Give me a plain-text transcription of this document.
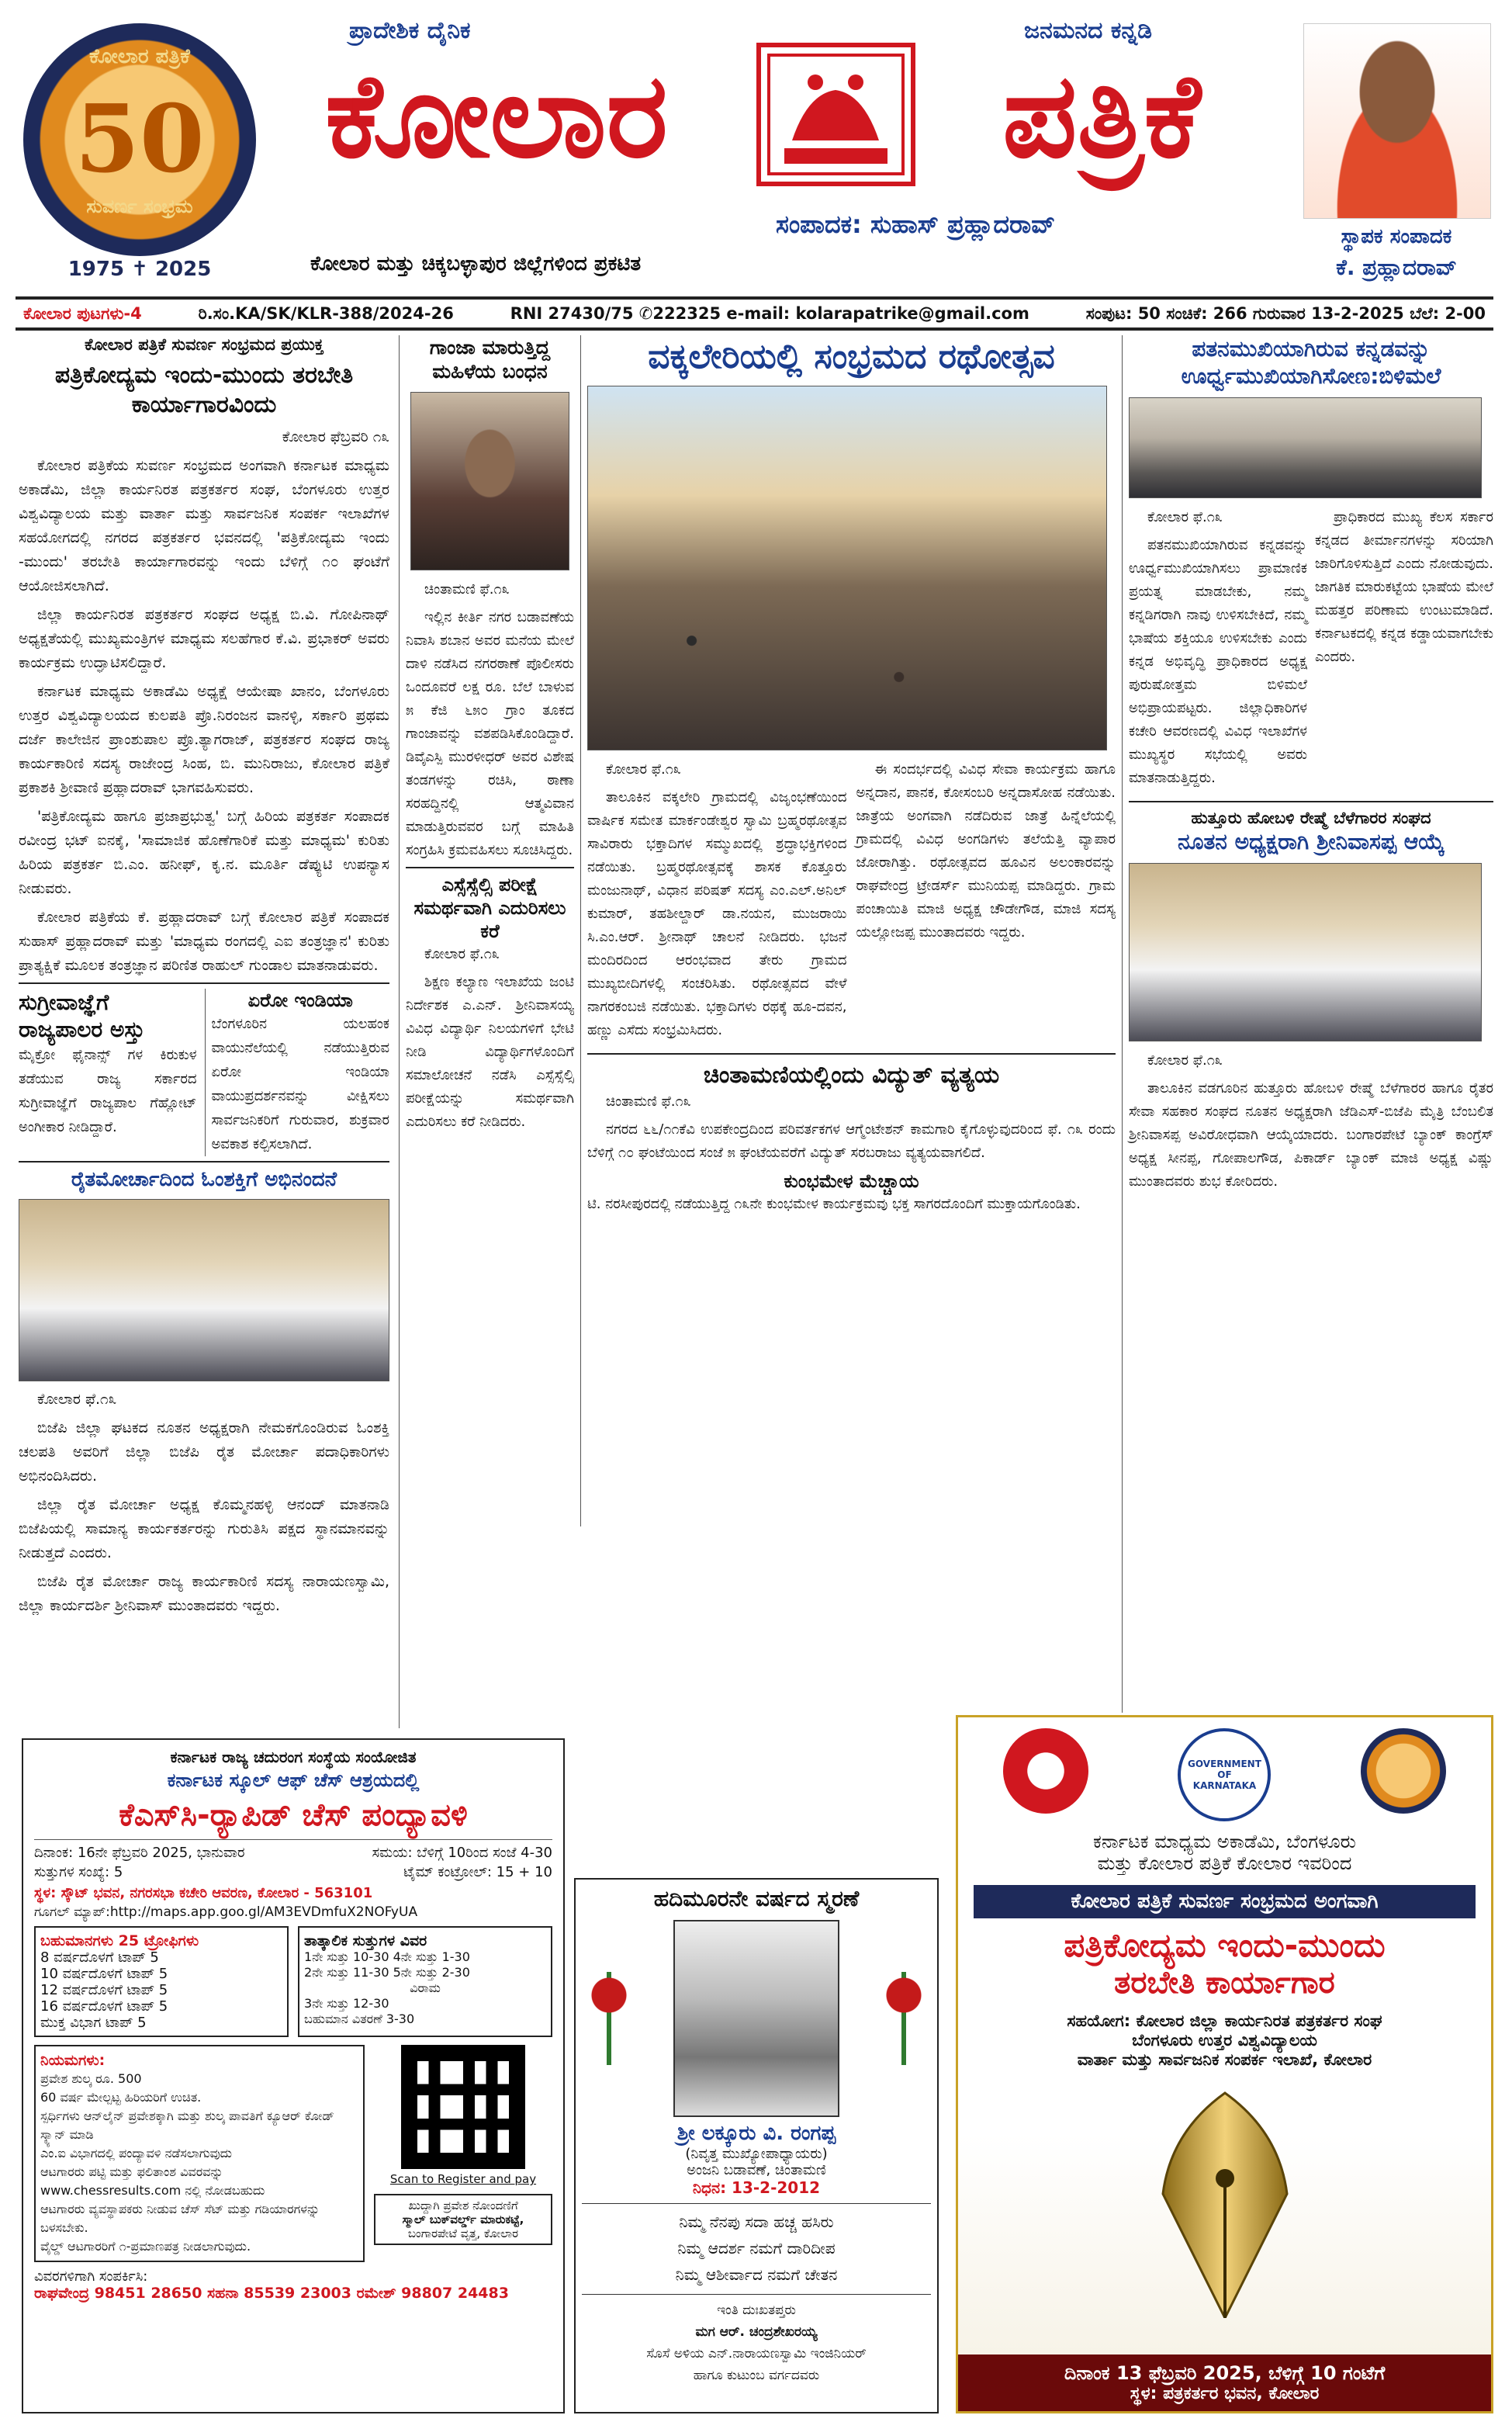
ಕೋಲಾರ ಪತ್ರಿಕೆ
50
ಸುವರ್ಣ ಸಂಭ್ರಮ
1975 ✝ 2025
ಪ್ರಾದೇಶಿಕ ದೈನಿಕ	ಜನಮನದ ಕನ್ನಡಿ
ಕೋಲಾರ	ಪತ್ರಿಕೆ
ಸಂಪಾದಕ: ಸುಹಾಸ್ ಪ್ರಹ್ಲಾದರಾವ್
ಕೋಲಾರ ಮತ್ತು ಚಿಕ್ಕಬಳ್ಳಾಪುರ ಜಿಲ್ಲೆಗಳಿಂದ ಪ್ರಕಟಿತ
ಸ್ಥಾಪಕ ಸಂಪಾದಕ
ಕೆ. ಪ್ರಹ್ಲಾದರಾವ್
ಕೋಲಾರ ಪುಟಗಳು-4	ರಿ.ಸಂ.KA/SK/KLR-388/2024-26	RNI 27430/75 ✆222325 e-mail: kolarapatrike@gmail.com	ಸಂಪುಟ: 50 ಸಂಚಿಕೆ: 266 ಗುರುವಾರ 13-2-2025 ಬೆಲೆ: 2-00
ಕೋಲಾರ ಪತ್ರಿಕೆ ಸುವರ್ಣ ಸಂಭ್ರಮದ ಪ್ರಯುಕ್ತ
ಪತ್ರಿಕೋದ್ಯಮ ಇಂದು-ಮುಂದು ತರಬೇತಿ ಕಾರ್ಯಾಗಾರವಿಂದು

ಕೋಲಾರ ಫೆಬ್ರವರಿ ೧೩

ಕೋಲಾರ ಪತ್ರಿಕೆಯ ಸುವರ್ಣ ಸಂಭ್ರಮದ ಅಂಗವಾಗಿ ಕರ್ನಾಟಕ ಮಾಧ್ಯಮ ಅಕಾಡೆಮಿ, ಜಿಲ್ಲಾ ಕಾರ್ಯನಿರತ ಪತ್ರಕರ್ತರ ಸಂಘ, ಬೆಂಗಳೂರು ಉತ್ತರ ವಿಶ್ವವಿದ್ಯಾಲಯ ಮತ್ತು ವಾರ್ತಾ ಮತ್ತು ಸಾರ್ವಜನಿಕ ಸಂಪರ್ಕ ಇಲಾಖೆಗಳ ಸಹಯೋಗದಲ್ಲಿ ನಗರದ ಪತ್ರಕರ್ತರ ಭವನದಲ್ಲಿ 'ಪತ್ರಿಕೋದ್ಯಮ ಇಂದು -ಮುಂದು' ತರಬೇತಿ ಕಾರ್ಯಾಗಾರವನ್ನು ಇಂದು ಬೆಳಿಗ್ಗೆ ೧೦ ಘಂಟೆಗೆ ಆಯೋಜಿಸಲಾಗಿದೆ.

ಜಿಲ್ಲಾ ಕಾರ್ಯನಿರತ ಪತ್ರಕರ್ತರ ಸಂಘದ ಅಧ್ಯಕ್ಷ ಬಿ.ವಿ. ಗೋಪಿನಾಥ್ ಅಧ್ಯಕ್ಷತೆಯಲ್ಲಿ ಮುಖ್ಯಮಂತ್ರಿಗಳ ಮಾಧ್ಯಮ ಸಲಹೆಗಾರ ಕೆ.ವಿ. ಪ್ರಭಾಕರ್ ಅವರು ಕಾರ್ಯಕ್ರಮ ಉದ್ಘಾಟಿಸಲಿದ್ದಾರೆ.

ಕರ್ನಾಟಕ ಮಾಧ್ಯಮ ಅಕಾಡೆಮಿ ಅಧ್ಯಕ್ಷೆ ಆಯೇಷಾ ಖಾನಂ, ಬೆಂಗಳೂರು ಉತ್ತರ ವಿಶ್ವವಿದ್ಯಾಲಯದ ಕುಲಪತಿ ಪ್ರೊ.ನಿರಂಜನ ವಾನಳ್ಳಿ, ಸರ್ಕಾರಿ ಪ್ರಥಮ ದರ್ಜೆ ಕಾಲೇಜಿನ ಪ್ರಾಂಶುಪಾಲ ಪ್ರೊ.ತ್ಯಾಗರಾಜ್, ಪತ್ರಕರ್ತರ ಸಂಘದ ರಾಜ್ಯ ಕಾರ್ಯಕಾರಿಣಿ ಸದಸ್ಯ ರಾಜೇಂದ್ರ ಸಿಂಹ, ಬಿ. ಮುನಿರಾಜು, ಕೋಲಾರ ಪತ್ರಿಕೆ ಪ್ರಕಾಶಕಿ ಶ್ರೀವಾಣಿ ಪ್ರಹ್ಲಾದರಾವ್ ಭಾಗವಹಿಸುವರು.

'ಪತ್ರಿಕೋದ್ಯಮ ಹಾಗೂ ಪ್ರಜಾಪ್ರಭುತ್ವ' ಬಗ್ಗೆ ಹಿರಿಯ ಪತ್ರಕರ್ತ ಸಂಪಾದಕ ರವೀಂದ್ರ ಭಟ್ ಐನಕೈ, 'ಸಾಮಾಜಿಕ ಹೊಣೆಗಾರಿಕೆ ಮತ್ತು ಮಾಧ್ಯಮ' ಕುರಿತು ಹಿರಿಯ ಪತ್ರಕರ್ತ ಬಿ.ಎಂ. ಹನೀಫ್, ಕೃ.ನ. ಮೂರ್ತಿ ಡೆಪ್ಯುಟಿ ಉಪನ್ಯಾಸ ನೀಡುವರು.

ಕೋಲಾರ ಪತ್ರಿಕೆಯ ಕೆ. ಪ್ರಹ್ಲಾದರಾವ್ ಬಗ್ಗೆ ಕೋಲಾರ ಪತ್ರಿಕೆ ಸಂಪಾದಕ ಸುಹಾಸ್ ಪ್ರಹ್ಲಾದರಾವ್ ಮತ್ತು 'ಮಾಧ್ಯಮ ರಂಗದಲ್ಲಿ ಎಐ ತಂತ್ರಜ್ಞಾನ' ಕುರಿತು ಪ್ರಾತ್ಯಕ್ಷಿಕೆ ಮೂಲಕ ತಂತ್ರಜ್ಞಾನ ಪರಿಣಿತ ರಾಹುಲ್ ಗುಂಡಾಲ ಮಾತನಾಡುವರು.

ಸುಗ್ರೀವಾಜ್ಞೆಗೆ ರಾಜ್ಯಪಾಲರ ಅಸ್ತು
ಮೈಕ್ರೋ ಫೈನಾನ್ಸ್ ಗಳ ಕಿರುಕುಳ ತಡೆಯುವ ರಾಜ್ಯ ಸರ್ಕಾರದ ಸುಗ್ರೀವಾಜ್ಞೆಗೆ ರಾಜ್ಯಪಾಲ ಗೆಹ್ಲೋಟ್ ಅಂಗೀಕಾರ ನೀಡಿದ್ದಾರೆ.
ಏರೋ ಇಂಡಿಯಾ
ಬೆಂಗಳೂರಿನ ಯಲಹಂಕ ವಾಯುನೆಲೆಯಲ್ಲಿ ನಡೆಯುತ್ತಿರುವ ಏರೋ ಇಂಡಿಯಾ ವಾಯುಪ್ರದರ್ಶನವನ್ನು ವೀಕ್ಷಿಸಲು ಸಾರ್ವಜನಿಕರಿಗೆ ಗುರುವಾರ, ಶುಕ್ರವಾರ ಅವಕಾಶ ಕಲ್ಪಿಸಲಾಗಿದೆ.
ರೈತಮೋರ್ಚಾದಿಂದ ಓಂಶಕ್ತಿಗೆ ಅಭಿನಂದನೆ

ಕೋಲಾರ ಫೆ.೧೩

ಬಿಜೆಪಿ ಜಿಲ್ಲಾ ಘಟಕದ ನೂತನ ಅಧ್ಯಕ್ಷರಾಗಿ ನೇಮಕಗೊಂಡಿರುವ ಓಂಶಕ್ತಿ ಚಲಪತಿ ಅವರಿಗೆ ಜಿಲ್ಲಾ ಬಿಜೆಪಿ ರೈತ ಮೋರ್ಚಾ ಪದಾಧಿಕಾರಿಗಳು ಅಭಿನಂದಿಸಿದರು.

ಜಿಲ್ಲಾ ರೈತ ಮೋರ್ಚಾ ಅಧ್ಯಕ್ಷ ಕೊಮ್ಮನಹಳ್ಳಿ ಆನಂದ್ ಮಾತನಾಡಿ ಬಿಜೆಪಿಯಲ್ಲಿ ಸಾಮಾನ್ಯ ಕಾರ್ಯಕರ್ತರನ್ನು ಗುರುತಿಸಿ ಪಕ್ಷದ ಸ್ಥಾನಮಾನವನ್ನು ನೀಡುತ್ತದೆ ಎಂದರು.

ಬಿಜೆಪಿ ರೈತ ಮೋರ್ಚಾ ರಾಜ್ಯ ಕಾರ್ಯಕಾರಿಣಿ ಸದಸ್ಯ ನಾರಾಯಣಸ್ವಾಮಿ, ಜಿಲ್ಲಾ ಕಾರ್ಯದರ್ಶಿ ಶ್ರೀನಿವಾಸ್ ಮುಂತಾದವರು ಇದ್ದರು.

ಗಾಂಜಾ ಮಾರುತ್ತಿದ್ದ ಮಹಿಳೆಯ ಬಂಧನ

ಚಿಂತಾಮಣಿ ಫೆ.೧೩

ಇಲ್ಲಿನ ಕೀರ್ತಿ ನಗರ ಬಡಾವಣೆಯ ನಿವಾಸಿ ಶಬಾನ ಅವರ ಮನೆಯ ಮೇಲೆ ದಾಳಿ ನಡೆಸಿದ ನಗರಠಾಣೆ ಪೊಲೀಸರು ಒಂದೂವರೆ ಲಕ್ಷ ರೂ. ಬೆಲೆ ಬಾಳುವ ೫ ಕೆಜಿ ೬೫೦ ಗ್ರಾಂ ತೂಕದ ಗಾಂಜಾವನ್ನು ವಶಪಡಿಸಿಕೊಂಡಿದ್ದಾರೆ. ಡಿವೈಎಸ್ಪಿ ಮುರಳೀಧರ್ ಅವರ ವಿಶೇಷ ತಂಡಗಳನ್ನು ರಚಿಸಿ, ಠಾಣಾ ಸರಹದ್ದಿನಲ್ಲಿ ಆತ್ಮವಿವಾನ ಮಾಡುತ್ತಿರುವವರ ಬಗ್ಗೆ ಮಾಹಿತಿ ಸಂಗ್ರಹಿಸಿ ಕ್ರಮವಹಿಸಲು ಸೂಚಿಸಿದ್ದರು.

ಎಸ್ಸೆಸ್ಸೆಲ್ಸಿ ಪರೀಕ್ಷೆ ಸಮರ್ಥವಾಗಿ ಎದುರಿಸಲು ಕರೆ

ಕೋಲಾರ ಫೆ.೧೩

ಶಿಕ್ಷಣ ಕಲ್ಯಾಣ ಇಲಾಖೆಯ ಜಂಟಿ ನಿರ್ದೇಶಕ ಎ.ಎನ್. ಶ್ರೀನಿವಾಸಯ್ಯ ವಿವಿಧ ವಿದ್ಯಾರ್ಥಿ ನಿಲಯಗಳಿಗೆ ಭೇಟಿ ನೀಡಿ ವಿದ್ಯಾರ್ಥಿಗಳೊಂದಿಗೆ ಸಮಾಲೋಚನೆ ನಡೆಸಿ ಎಸ್ಸೆಸ್ಸೆಲ್ಸಿ ಪರೀಕ್ಷೆಯನ್ನು ಸಮರ್ಥವಾಗಿ ಎದುರಿಸಲು ಕರೆ ನೀಡಿದರು.

ವಕ್ಕಲೇರಿಯಲ್ಲಿ ಸಂಭ್ರಮದ ರಥೋತ್ಸವ

ಕೋಲಾರ ಫೆ.೧೩

ತಾಲೂಕಿನ ವಕ್ಕಲೇರಿ ಗ್ರಾಮದಲ್ಲಿ ವಿಜೃಂಭಣೆಯಿಂದ ವಾರ್ಷಿಕ ಸಮೇತ ಮಾರ್ಕಂಡೇಶ್ವರ ಸ್ವಾಮಿ ಬ್ರಹ್ಮರಥೋತ್ಸವ ಸಾವಿರಾರು ಭಕ್ತಾದಿಗಳ ಸಮ್ಮುಖದಲ್ಲಿ ಶ್ರದ್ಧಾಭಕ್ತಿಗಳಿಂದ ನಡೆಯಿತು. ಬ್ರಹ್ಮರಥೋತ್ಸವಕ್ಕೆ ಶಾಸಕ ಕೊತ್ತೂರು ಮಂಜುನಾಥ್, ವಿಧಾನ ಪರಿಷತ್ ಸದಸ್ಯ ಎಂ.ಎಲ್.ಅನಿಲ್ ಕುಮಾರ್, ತಹಶೀಲ್ದಾರ್ ಡಾ.ನಯನ, ಮುಜರಾಯಿ ಸಿ.ಎಂ.ಆರ್. ಶ್ರೀನಾಥ್ ಚಾಲನೆ ನೀಡಿದರು. ಭಜನೆ ಮಂದಿರದಿಂದ ಆರಂಭವಾದ ತೇರು ಗ್ರಾಮದ ಮುಖ್ಯಬೀದಿಗಳಲ್ಲಿ ಸಂಚರಿಸಿತು. ರಥೋತ್ಸವದ ವೇಳೆ ನಾಗರಕಂಬಜಿ ನಡೆಯಿತು. ಭಕ್ತಾದಿಗಳು ರಥಕ್ಕೆ ಹೂ-ದವನ, ಹಣ್ಣು ಎಸೆದು ಸಂಭ್ರಮಿಸಿದರು.

ಈ ಸಂದರ್ಭದಲ್ಲಿ ವಿವಿಧ ಸೇವಾ ಕಾರ್ಯಕ್ರಮ ಹಾಗೂ ಅನ್ನದಾನ, ಪಾನಕ, ಕೋಸಂಬರಿ ಅನ್ನದಾಸೋಹ ನಡೆಯಿತು. ಜಾತ್ರೆಯ ಅಂಗವಾಗಿ ನಡೆದಿರುವ ಜಾತ್ರೆ ಹಿನ್ನೆಲೆಯಲ್ಲಿ ಗ್ರಾಮದಲ್ಲಿ ವಿವಿಧ ಅಂಗಡಿಗಳು ತಲೆಯೆತ್ತಿ ವ್ಯಾಪಾರ ಜೋರಾಗಿತ್ತು. ರಥೋತ್ಸವದ ಹೂವಿನ ಅಲಂಕಾರವನ್ನು ರಾಘವೇಂದ್ರ ಟ್ರೇಡರ್ಸ್ ಮುನಿಯಪ್ಪ ಮಾಡಿದ್ದರು. ಗ್ರಾಮ ಪಂಚಾಯಿತಿ ಮಾಜಿ ಅಧ್ಯಕ್ಷ ಚೌಡೇಗೌಡ, ಮಾಜಿ ಸದಸ್ಯ ಯಲ್ಲೋಜಪ್ಪ ಮುಂತಾದವರು ಇದ್ದರು.

ಚಿಂತಾಮಣಿಯಲ್ಲಿಂದು ವಿದ್ಯುತ್ ವ್ಯತ್ಯಯ

ಚಿಂತಾಮಣಿ ಫೆ.೧೩

ನಗರದ ೬೬/೧೧ಕೆವಿ ಉಪಕೇಂದ್ರದಿಂದ ಪರಿವರ್ತಕಗಳ ಆಗ್ಮೆಂಟೇಶನ್ ಕಾಮಗಾರಿ ಕೈಗೊಳ್ಳುವುದರಿಂದ ಫೆ. ೧೩ ರಂದು ಬೆಳಿಗ್ಗೆ ೧೦ ಘಂಟೆಯಿಂದ ಸಂಜೆ ೫ ಘಂಟೆಯವರೆಗೆ ವಿದ್ಯುತ್ ಸರಬರಾಜು ವ್ಯತ್ಯಯವಾಗಲಿದೆ.

ಕುಂಭಮೇಳ ಮೆಚ್ಚಾಯ
ಟಿ. ನರಸೀಪುರದಲ್ಲಿ ನಡೆಯುತ್ತಿದ್ದ ೧೩ನೇ ಕುಂಭಮೇಳ ಕಾರ್ಯಕ್ರಮವು ಭಕ್ತ ಸಾಗರದೊಂದಿಗೆ ಮುಕ್ತಾಯಗೊಂಡಿತು.
ಪತನಮುಖಿಯಾಗಿರುವ ಕನ್ನಡವನ್ನು ಊರ್ಧ್ವಮುಖಿಯಾಗಿಸೋಣ:ಬಿಳಿಮಲೆ

ಕೋಲಾರ ಫೆ.೧೩

ಪತನಮುಖಿಯಾಗಿರುವ ಕನ್ನಡವನ್ನು ಊರ್ಧ್ವಮುಖಿಯಾಗಿಸಲು ಪ್ರಾಮಾಣಿಕ ಪ್ರಯತ್ನ ಮಾಡಬೇಕು, ನಮ್ಮ ಕನ್ನಡಿಗರಾಗಿ ನಾವು ಉಳಿಸಬೇಕಿದೆ, ನಮ್ಮ ಭಾಷೆಯ ಶಕ್ತಿಯೂ ಉಳಿಸಬೇಕು ಎಂದು ಕನ್ನಡ ಅಭಿವೃದ್ಧಿ ಪ್ರಾಧಿಕಾರದ ಅಧ್ಯಕ್ಷ ಪುರುಷೋತ್ತಮ ಬಿಳಿಮಲೆ ಅಭಿಪ್ರಾಯಪಟ್ಟರು. ಜಿಲ್ಲಾಧಿಕಾರಿಗಳ ಕಚೇರಿ ಆವರಣದಲ್ಲಿ ವಿವಿಧ ಇಲಾಖೆಗಳ ಮುಖ್ಯಸ್ಥರ ಸಭೆಯಲ್ಲಿ ಅವರು ಮಾತನಾಡುತ್ತಿದ್ದರು.

ಪ್ರಾಧಿಕಾರದ ಮುಖ್ಯ ಕೆಲಸ ಸರ್ಕಾರ ಕನ್ನಡದ ತೀರ್ಮಾನಗಳನ್ನು ಸರಿಯಾಗಿ ಜಾರಿಗೊಳಿಸುತ್ತಿದೆ ಎಂದು ನೋಡುವುದು. ಜಾಗತಿಕ ಮಾರುಕಟ್ಟೆಯ ಭಾಷೆಯ ಮೇಲೆ ಮಹತ್ತರ ಪರಿಣಾಮ ಉಂಟುಮಾಡಿದೆ. ಕರ್ನಾಟಕದಲ್ಲಿ ಕನ್ನಡ ಕಡ್ಡಾಯವಾಗಬೇಕು ಎಂದರು.

ಹುತ್ತೂರು ಹೋಬಳಿ ರೇಷ್ಮೆ ಬೆಳೆಗಾರರ ಸಂಘದ
ನೂತನ ಅಧ್ಯಕ್ಷರಾಗಿ ಶ್ರೀನಿವಾಸಪ್ಪ ಆಯ್ಕೆ

ಕೋಲಾರ ಫೆ.೧೩

ತಾಲೂಕಿನ ವಡಗೂರಿನ ಹುತ್ತೂರು ಹೋಬಳಿ ರೇಷ್ಮೆ ಬೆಳೆಗಾರರ ಹಾಗೂ ರೈತರ ಸೇವಾ ಸಹಕಾರ ಸಂಘದ ನೂತನ ಅಧ್ಯಕ್ಷರಾಗಿ ಜೆಡಿಎಸ್-ಬಿಜೆಪಿ ಮೈತ್ರಿ ಬೆಂಬಲಿತ ಶ್ರೀನಿವಾಸಪ್ಪ ಅವಿರೋಧವಾಗಿ ಆಯ್ಕೆಯಾದರು. ಬಂಗಾರಪೇಟೆ ಬ್ಯಾಂಕ್ ಕಾಂಗ್ರೆಸ್ ಅಧ್ಯಕ್ಷ ಸೀನಪ್ಪ, ಗೋಪಾಲಗೌಡ, ಪಿಕಾರ್ಡ್ ಬ್ಯಾಂಕ್ ಮಾಜಿ ಅಧ್ಯಕ್ಷ ವಿಷ್ಣು ಮುಂತಾದವರು ಶುಭ ಕೋರಿದರು.

ಕರ್ನಾಟಕ ರಾಜ್ಯ ಚದುರಂಗ ಸಂಸ್ಥೆಯ ಸಂಯೋಜಿತ
ಕರ್ನಾಟಕ ಸ್ಕೂಲ್ ಆಫ್ ಚೆಸ್ ಆಶ್ರಯದಲ್ಲಿ
ಕೆಎಸ್‌ಸಿ-ರ್‍ಯಾಪಿಡ್ ಚೆಸ್ ಪಂದ್ಯಾವಳಿ
ದಿನಾಂಕ: 16ನೇ ಫೆಬ್ರವರಿ 2025, ಭಾನುವಾರ	ಸಮಯ: ಬೆಳಿಗ್ಗೆ 10ರಿಂದ ಸಂಜೆ 4-30
ಸುತ್ತುಗಳ ಸಂಖ್ಯೆ: 5	ಟೈಮ್ ಕಂಟ್ರೋಲ್: 15 + 10
ಸ್ಥಳ: ಸ್ಕೌಟ್ ಭವನ, ನಗರಸಭಾ ಕಚೇರಿ ಆವರಣ, ಕೋಲಾರ - 563101
ಗೂಗಲ್ ಮ್ಯಾಪ್:http://maps.app.goo.gl/AM3EVDmfuX2NOFyUA
ಬಹುಮಾನಗಳು 25 ಟ್ರೋಫಿಗಳು
8 ವರ್ಷದೊಳಗೆ ಟಾಪ್ 5
10 ವರ್ಷದೊಳಗೆ ಟಾಪ್ 5
12 ವರ್ಷದೊಳಗೆ ಟಾಪ್ 5
16 ವರ್ಷದೊಳಗೆ ಟಾಪ್ 5
ಮುಕ್ತ ವಿಭಾಗ ಟಾಪ್ 5
ತಾತ್ಕಾಲಿಕ ಸುತ್ತುಗಳ ವಿವರ
1ನೇ ಸುತ್ತು 10-30 4ನೇ ಸುತ್ತು 1-30
2ನೇ ಸುತ್ತು 11-30 5ನೇ ಸುತ್ತು 2-30
ವಿರಾಮ
3ನೇ ಸುತ್ತು 12-30
ಬಹುಮಾನ ವಿತರಣೆ 3-30
ನಿಯಮಗಳು:
ಪ್ರವೇಶ ಶುಲ್ಕ ರೂ. 500
60 ವರ್ಷ ಮೇಲ್ಪಟ್ಟ ಹಿರಿಯರಿಗೆ ಉಚಿತ.
ಸ್ಪರ್ಧಿಗಳು ಆನ್‌ಲೈನ್ ಪ್ರವೇಶಕ್ಕಾಗಿ ಮತ್ತು ಶುಲ್ಕ ಪಾವತಿಗೆ ಕ್ಯೂಆರ್ ಕೋಡ್ ಸ್ಕ್ಯಾನ್ ಮಾಡಿ
ಎಂ.ಐ ವಿಭಾಗದಲ್ಲಿ ಪಂದ್ಯಾವಳಿ ನಡೆಸಲಾಗುವುದು
ಆಟಗಾರರು ಪಟ್ಟಿ ಮತ್ತು ಫಲಿತಾಂಶ ವಿವರವನ್ನು www.chessresults.com ನಲ್ಲಿ ನೋಡಬಹುದು
ಆಟಗಾರರು ವ್ಯವಸ್ಥಾಪಕರು ನೀಡುವ ಚೆಸ್ ಸೆಟ್ ಮತ್ತು ಗಡಿಯಾರಗಳನ್ನು ಬಳಸಬೇಕು.
ವೈಲ್ಡ್ ಆಟಗಾರರಿಗೆ ೧-ಪ್ರಮಾಣಪತ್ರ ನೀಡಲಾಗುವುದು.
Scan to Register and pay
ಖುದ್ದಾಗಿ ಪ್ರವೇಶ ನೋಂದಣಿಗೆ
ಸ್ಮಾಲ್ ಬುಕ್‌ವರ್ಲ್ಡ್ ಮಾರುಕಟ್ಟೆ,
ಬಂಗಾರಪೇಟೆ ವೃತ್ತ, ಕೋಲಾರ
ವಿವರಗಳಿಗಾಗಿ ಸಂಪರ್ಕಿಸಿ:
ರಾಘವೇಂದ್ರ 98451 28650 ಸಹನಾ 85539 23003 ರಮೇಶ್ 98807 24483
ಹದಿಮೂರನೇ ವರ್ಷದ ಸ್ಮರಣೆ
ಶ್ರೀ ಲಕ್ಕೂರು ವಿ. ರಂಗಪ್ಪ
(ನಿವೃತ್ತ ಮುಖ್ಯೋಪಾಧ್ಯಾಯರು)
ಅಂಜನಿ ಬಡಾವಣೆ, ಚಿಂತಾಮಣಿ
ನಿಧನ: 13-2-2012
ನಿಮ್ಮ ನೆನಪು ಸದಾ ಹಚ್ಚ ಹಸಿರು
ನಿಮ್ಮ ಆದರ್ಶ ನಮಗೆ ದಾರಿದೀಪ
ನಿಮ್ಮ ಆಶೀರ್ವಾದ ನಮಗೆ ಚೇತನ
ಇಂತಿ ದುಃಖತಪ್ತರು
ಮಗ ಆರ್. ಚಂದ್ರಶೇಖರಯ್ಯ
ಸೊಸೆ ಅಳಿಯ ಎನ್.ನಾರಾಯಣಸ್ವಾಮಿ ಇಂಜಿನಿಯರ್
ಹಾಗೂ ಕುಟುಂಬ ವರ್ಗದವರು
GOVERNMENT OF KARNATAKA
ಕರ್ನಾಟಕ ಮಾಧ್ಯಮ ಅಕಾಡೆಮಿ, ಬೆಂಗಳೂರು
ಮತ್ತು ಕೋಲಾರ ಪತ್ರಿಕೆ ಕೋಲಾರ ಇವರಿಂದ
ಕೋಲಾರ ಪತ್ರಿಕೆ ಸುವರ್ಣ ಸಂಭ್ರಮದ ಅಂಗವಾಗಿ
ಪತ್ರಿಕೋದ್ಯಮ ಇಂದು-ಮುಂದು
ತರಬೇತಿ ಕಾರ್ಯಾಗಾರ
ಸಹಯೋಗ: ಕೋಲಾರ ಜಿಲ್ಲಾ ಕಾರ್ಯನಿರತ ಪತ್ರಕರ್ತರ ಸಂಘ
ಬೆಂಗಳೂರು ಉತ್ತರ ವಿಶ್ವವಿದ್ಯಾಲಯ
ವಾರ್ತಾ ಮತ್ತು ಸಾರ್ವಜನಿಕ ಸಂಪರ್ಕ ಇಲಾಖೆ, ಕೋಲಾರ
ದಿನಾಂಕ 13 ಫೆಬ್ರವರಿ 2025, ಬೆಳಿಗ್ಗೆ 10 ಗಂಟೆಗೆ
ಸ್ಥಳ: ಪತ್ರಕರ್ತರ ಭವನ, ಕೋಲಾರ
